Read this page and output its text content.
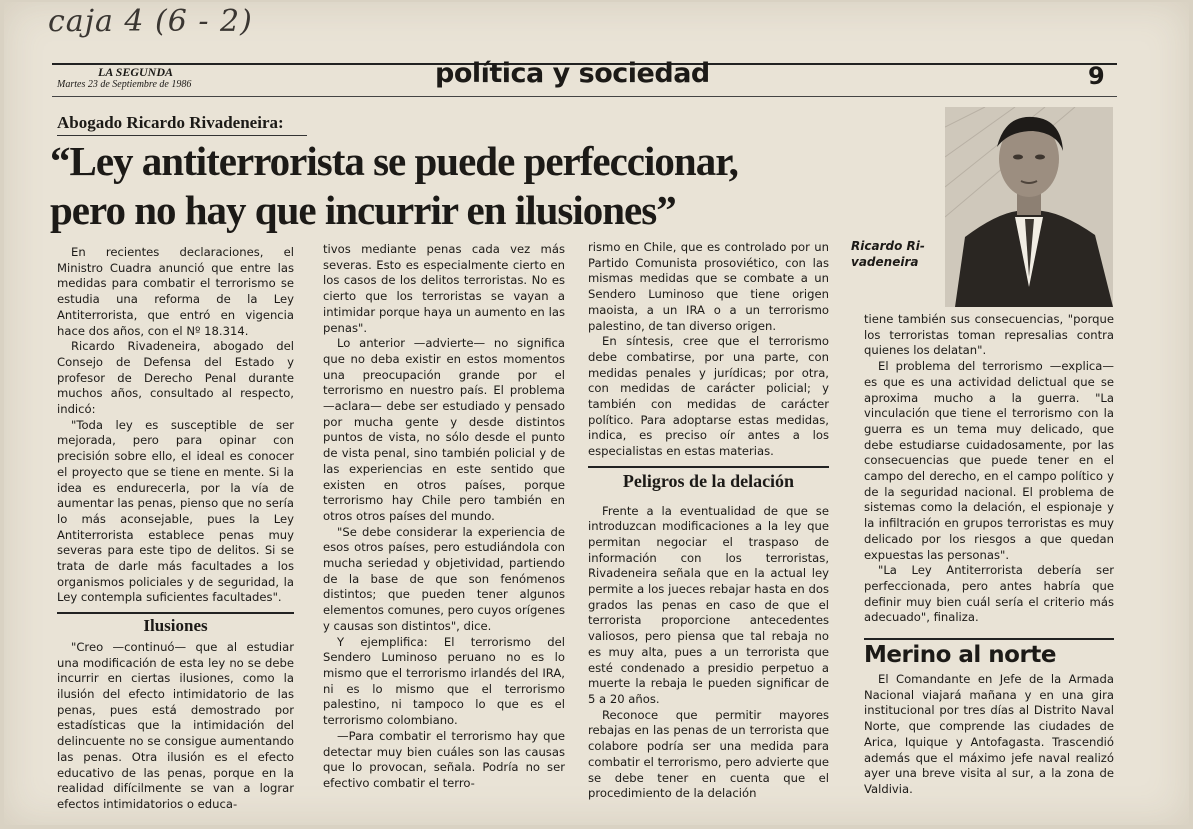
caja 4 (6 - 2)
LA SEGUNDA
Martes 23 de Septiembre de 1986	política y sociedad	9
Abogado Ricardo Rivadeneira:
“Ley antiterrorista se puede perfeccionar,
pero no hay que incurrir en ilusiones”
Ricardo Ri-
vadeneira

En recientes declaraciones, el Ministro Cuadra anunció que entre las medidas para combatir el terrorismo se estudia una reforma de la Ley Antiterrorista, que entró en vigencia hace dos años, con el Nº 18.314.

Ricardo Rivadeneira, abogado del Consejo de Defensa del Estado y profesor de Derecho Penal durante muchos años, consultado al respecto, indicó:

"Toda ley es susceptible de ser mejorada, pero para opinar con precisión sobre ello, el ideal es conocer el proyecto que se tiene en mente. Si la idea es endurecerla, por la vía de aumentar las penas, pienso que no sería lo más aconsejable, pues la Ley Antiterrorista establece penas muy severas para este tipo de delitos. Si se trata de darle más facultades a los organismos policiales y de seguridad, la Ley contempla suficientes facultades".

Ilusiones

"Creo —continuó— que al estudiar una modificación de esta ley no se debe incurrir en ciertas ilusiones, como la ilusión del efecto intimidatorio de las penas, pues está demostrado por estadísticas que la intimidación del delincuente no se consigue aumentando las penas. Otra ilusión es el efecto educativo de las penas, porque en la realidad difícilmente se van a lograr efectos intimidatorios o educa-

tivos mediante penas cada vez más severas. Esto es especialmente cierto en los casos de los delitos terroristas. No es cierto que los terroristas se vayan a intimidar porque haya un aumento en las penas".

Lo anterior —advierte— no significa que no deba existir en estos momentos una preocupación grande por el terrorismo en nuestro país. El problema —aclara— debe ser estudiado y pensado por mucha gente y desde distintos puntos de vista, no sólo desde el punto de vista penal, sino también policial y de las experiencias en este sentido que existen en otros países, porque terrorismo hay Chile pero también en otros otros países del mundo.

"Se debe considerar la experiencia de esos otros países, pero estudiándola con mucha seriedad y objetividad, partiendo de la base de que son fenómenos distintos; que pueden tener algunos elementos comunes, pero cuyos orígenes y causas son distintos", dice.

Y ejemplifica: El terrorismo del Sendero Luminoso peruano no es lo mismo que el terrorismo irlandés del IRA, ni es lo mismo que el terrorismo palestino, ni tampoco lo que es el terrorismo colombiano.

—Para combatir el terrorismo hay que detectar muy bien cuáles son las causas que lo provocan, señala. Podría no ser efectivo combatir el terro-

rismo en Chile, que es controlado por un Partido Comunista prosoviético, con las mismas medidas que se combate a un Sendero Luminoso que tiene origen maoista, a un IRA o a un terrorismo palestino, de tan diverso origen.

En síntesis, cree que el terrorismo debe combatirse, por una parte, con medidas penales y jurídicas; por otra, con medidas de carácter policial; y también con medidas de carácter político. Para adoptarse estas medidas, indica, es preciso oír antes a los especialistas en estas materias.

Peligros de la delación

Frente a la eventualidad de que se introduzcan modificaciones a la ley que permitan negociar el traspaso de información con los terroristas, Rivadeneira señala que en la actual ley permite a los jueces rebajar hasta en dos grados las penas en caso de que el terrorista proporcione antecedentes valiosos, pero piensa que tal rebaja no es muy alta, pues a un terrorista que esté condenado a presidio perpetuo a muerte la rebaja le pueden significar de 5 a 20 años.

Reconoce que permitir mayores rebajas en las penas de un terrorista que colabore podría ser una medida para combatir el terrorismo, pero advierte que se debe tener en cuenta que el procedimiento de la delación

tiene también sus consecuencias, "porque los terroristas toman represalias contra quienes los delatan".

El problema del terrorismo —explica— es que es una actividad delictual que se aproxima mucho a la guerra. "La vinculación que tiene el terrorismo con la guerra es un tema muy delicado, que debe estudiarse cuidadosamente, por las consecuencias que puede tener en el campo del derecho, en el campo político y de la seguridad nacional. El problema de sistemas como la delación, el espionaje y la infiltración en grupos terroristas es muy delicado por los riesgos a que quedan expuestas las personas".

"La Ley Antiterrorista debería ser perfeccionada, pero antes habría que definir muy bien cuál sería el criterio más adecuado", finaliza.

Merino al norte

El Comandante en Jefe de la Armada Nacional viajará mañana y en una gira institucional por tres días al Distrito Naval Norte, que comprende las ciudades de Arica, Iquique y Antofagasta. Trascendió además que el máximo jefe naval realizó ayer una breve visita al sur, a la zona de Valdivia.
